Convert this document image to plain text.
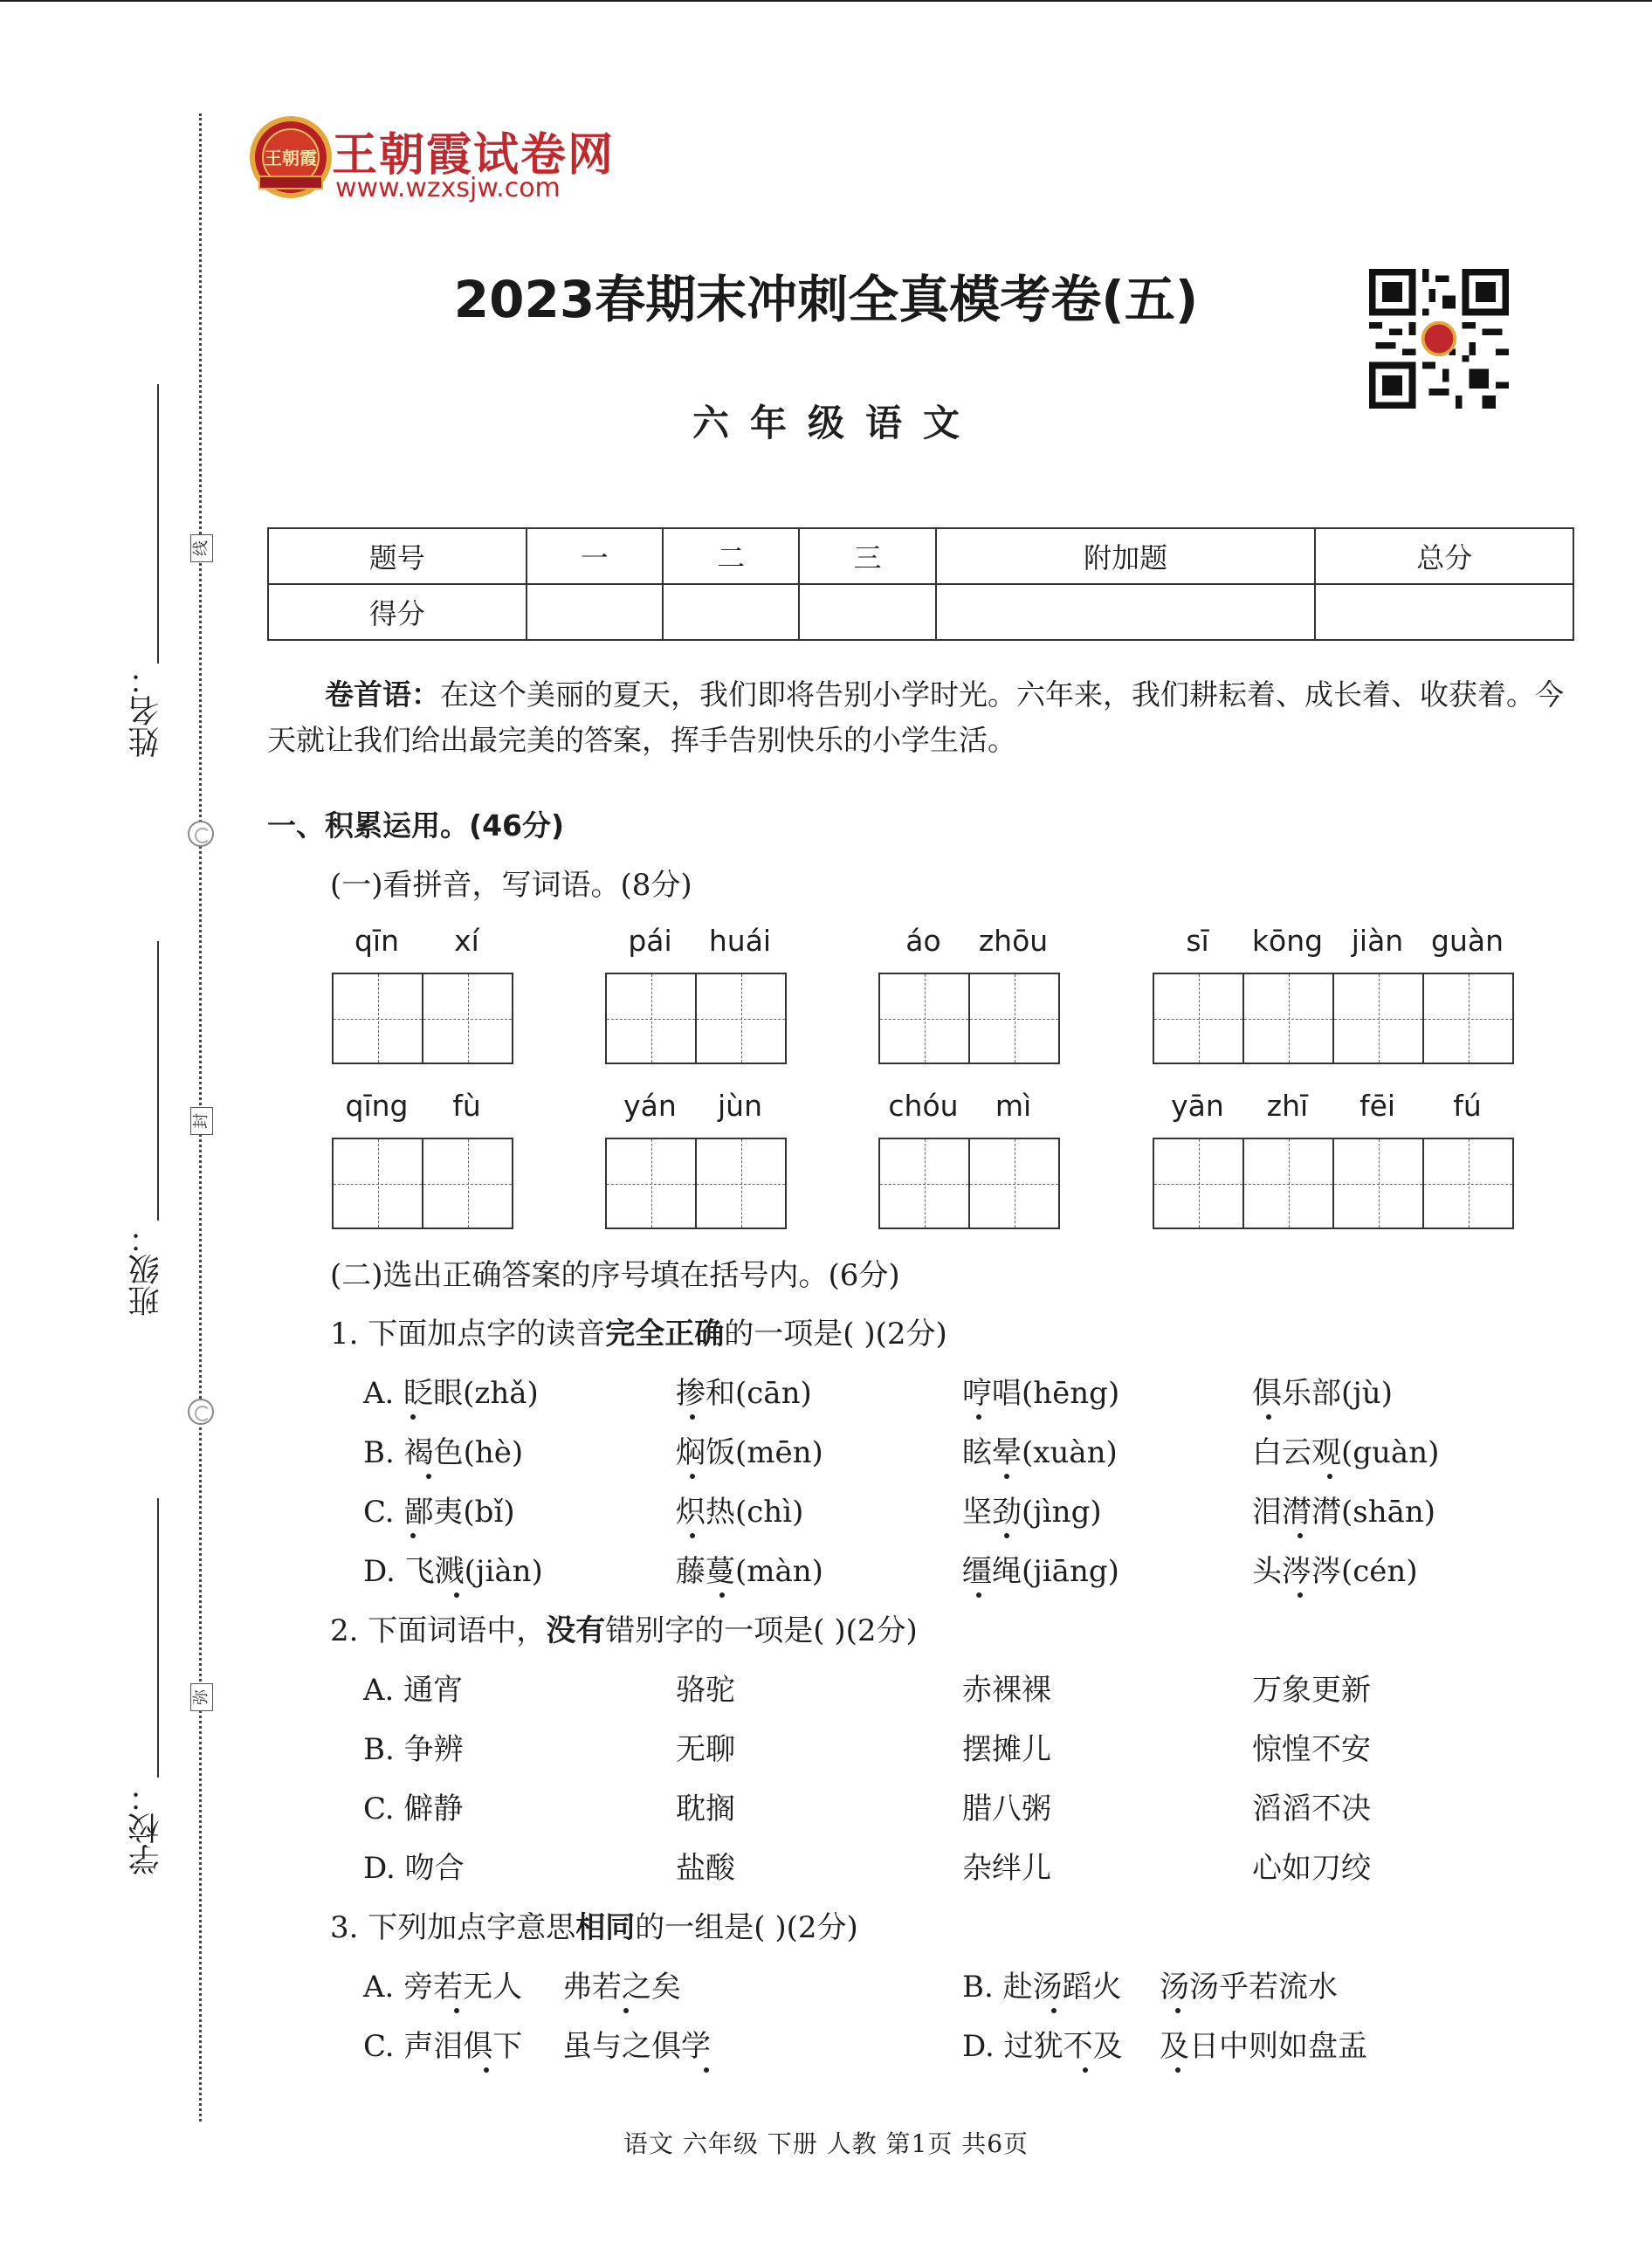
线
封
弥
姓名：
班级：
学校：
王朝霞 王朝霞试卷网
www.wzxsjw.com
2023春期末冲刺全真模考卷(五)
六年级语文
题号	一	二	三	附加题	总分
得分					
卷首语：在这个美丽的夏天，我们即将告别小学时光。六年来，我们耕耘着、成长着、收获着。今天就让我们给出最完美的答案，挥手告别快乐的小学生活。
一、积累运用。(46分)
(一)看拼音，写词语。(8分)
qīn	xí	pái	huái	áo	zhōu	sī	kōng jiàn guàn
qīng	fù	yán	jùn	chóu	mì	yān	zhī	fēi	fú
(二)选出正确答案的序号填在括号内。(6分)
1. 下面加点字的读音完全正确的一项是( )(2分)
A. 眨眼(zhǎ)	掺和(cān)	哼唱(hēng)	俱乐部(jù)
B. 褐色(hè)	焖饭(mēn)	眩晕(xuàn)	白云观(guàn)
C. 鄙夷(bǐ)	炽热(chì)	坚劲(jìng)	泪潸潸(shān)
D. 飞溅(jiàn)	藤蔓(màn)	缰绳(jiāng)	头涔涔(cén)
2. 下面词语中，没有错别字的一项是( )(2分)
A. 通宵	骆驼	赤裸裸	万象更新
B. 争辨	无聊	摆摊儿	惊惶不安
C. 僻静	耽搁	腊八粥	滔滔不决
D. 吻合	盐酸	杂绊儿	心如刀绞
3. 下列加点字意思相同的一组是( )(2分)
A. 旁若无人 弗若之矣	B. 赴汤蹈火 汤汤乎若流水
C. 声泪俱下 虽与之俱学	D. 过犹不及 及日中则如盘盂
语文 六年级 下册 人教 第1页 共6页
